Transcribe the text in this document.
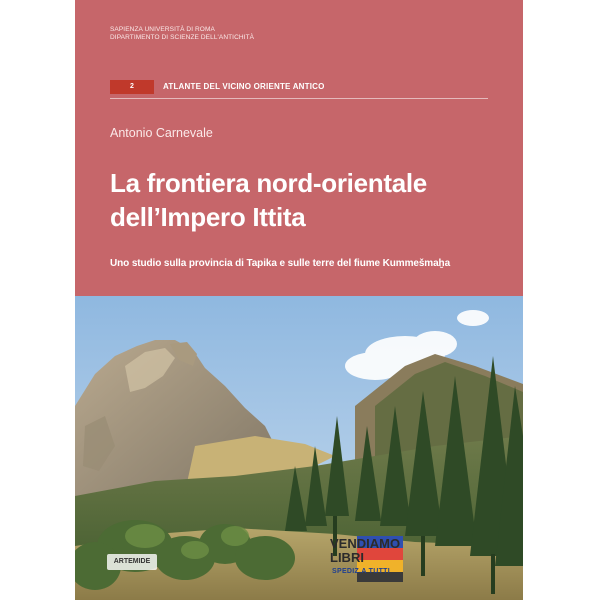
SAPIENZA UNIVERSITÀ DI ROMA
DIPARTIMENTO DI SCIENZE DELL'ANTICHITÀ
2	ATLANTE DEL VICINO ORIENTE ANTICO
Antonio Carnevale
La frontiera nord-orientale
dell’Impero Ittita
Uno studio sulla provincia di Tapika e sulle terre del fiume Kummešmaḫa
ARTEMIDE
VENDIAMO
LIBRI
SPEDIZ.A TUTTI
